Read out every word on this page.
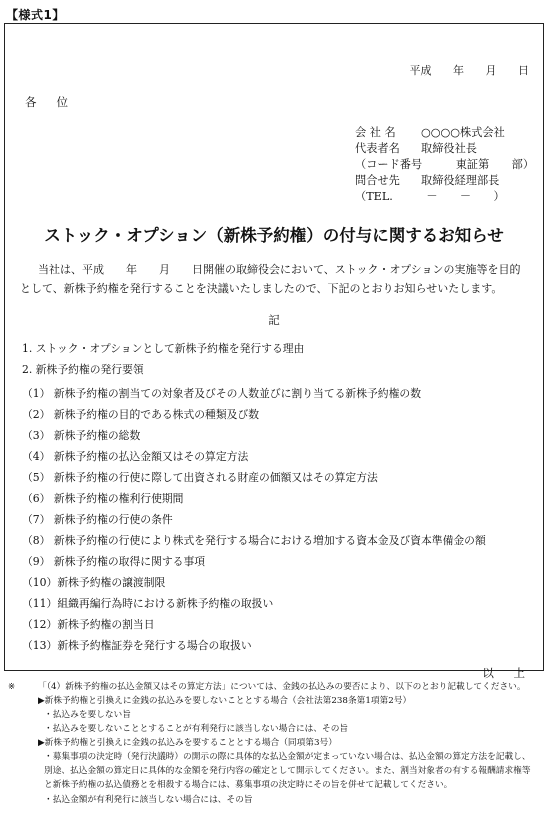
【様式1】
平成 年 月 日
各 位
会 社 名	○○○○株式会社
代表者名	取締役社長
（コード番号　　　東証第　　部）
問合せ先	取締役経理部長
（TEL.　　　－　　－　　）
ストック・オプション（新株予約権）の付与に関するお知らせ
当社は、平成　　年　　月　　日開催の取締役会において、ストック・オプションの実施等を目的として、新株予約権を発行することを決議いたしましたので、下記のとおりお知らせいたします。
記
1. ストック・オプションとして新株予約権を発行する理由
2. 新株予約権の発行要領
（1） 新株予約権の割当ての対象者及びその人数並びに割り当てる新株予約権の数
（2） 新株予約権の目的である株式の種類及び数
（3） 新株予約権の総数
（4） 新株予約権の払込金額又はその算定方法
（5） 新株予約権の行使に際して出資される財産の価額又はその算定方法
（6） 新株予約権の権利行使期間
（7） 新株予約権の行使の条件
（8） 新株予約権の行使により株式を発行する場合における増加する資本金及び資本準備金の額
（9） 新株予約権の取得に関する事項
（10）新株予約権の譲渡制限
（11）組織再編行為時における新株予約権の取扱い
（12）新株予約権の割当日
（13）新株予約権証券を発行する場合の取扱い
以 上
※	「（4）新株予約権の払込金額又はその算定方法」については、金銭の払込みの要否により、以下のとおり記載してください。
▶新株予約権と引換えに金銭の払込みを要しないこととする場合（会社法第238条第1項第2号）
・払込みを要しない旨
・払込みを要しないこととすることが有利発行に該当しない場合には、その旨
▶新株予約権と引換えに金銭の払込みを要することとする場合（同項第3号）
・募集事項の決定時（発行決議時）の開示の際に具体的な払込金額が定まっていない場合は、払込金額の算定方法を記載し、別途、払込金額の算定日に具体的な金額を発行内容の確定として開示してください。また、割当対象者の有する報酬請求権等と新株予約権の払込債務とを相殺する場合には、募集事項の決定時にその旨を併せて記載してください。
・払込金額が有利発行に該当しない場合には、その旨
